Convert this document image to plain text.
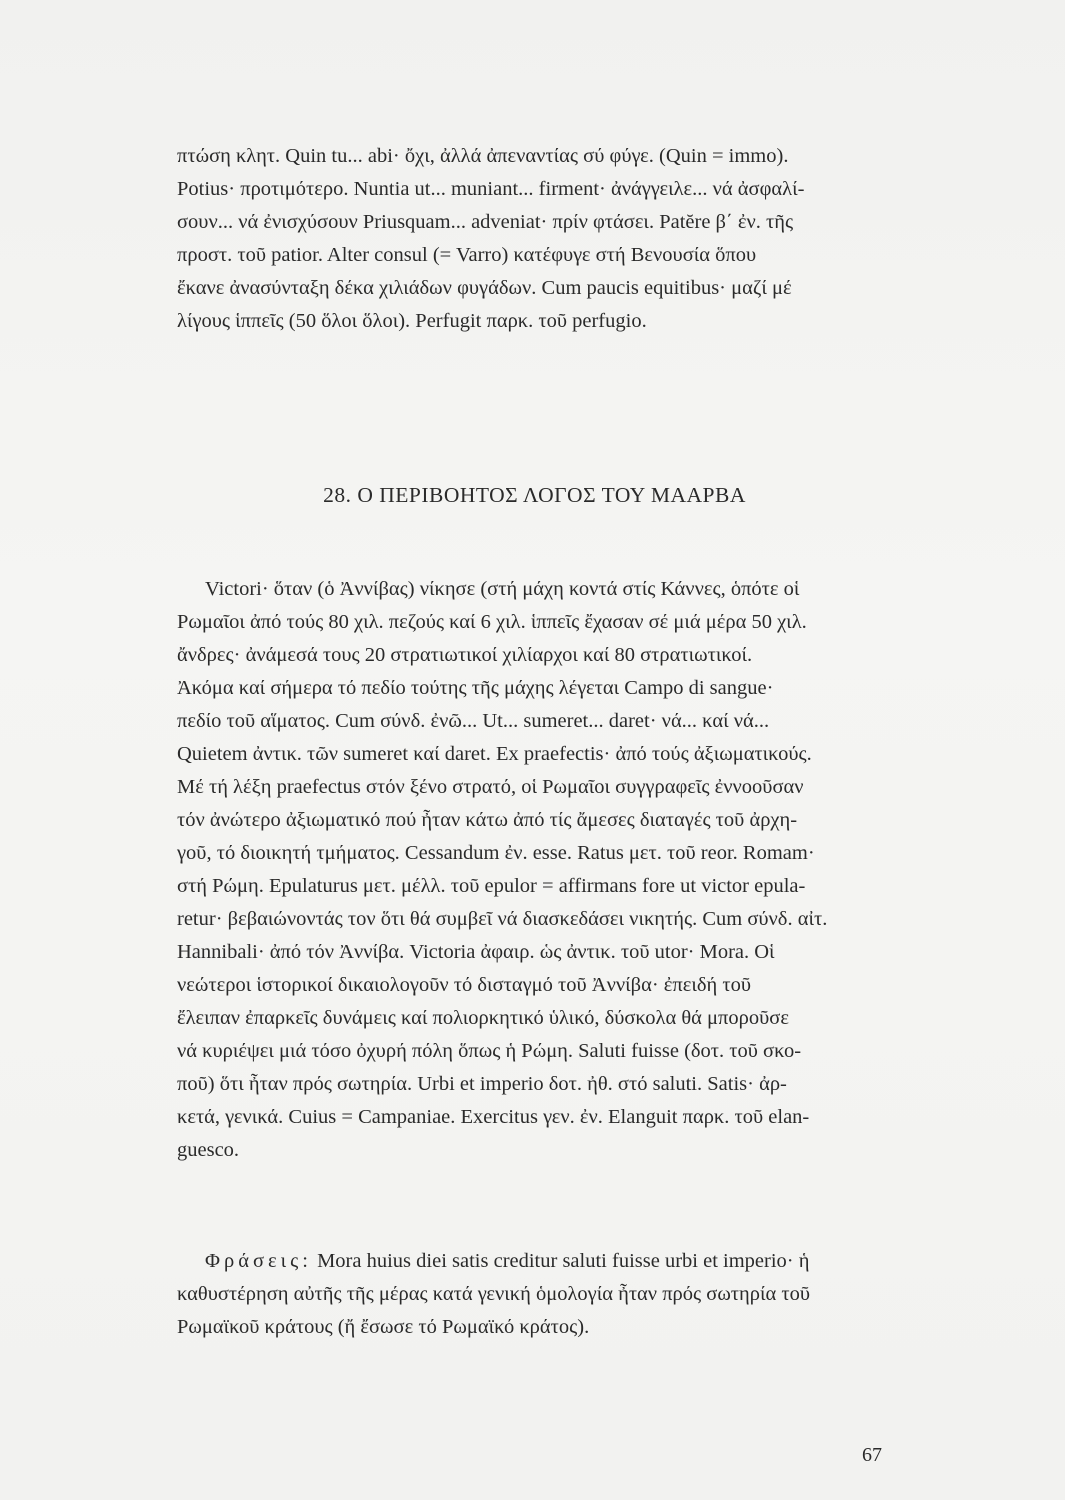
πτώση κλητ. Quin tu... abi· ὄχι, ἀλλά ἀπεναντίας σύ φύγε. (Quin = immo).
Potius· προτιμότερο. Nuntia ut... muniant... firment· ἀνάγγειλε... νά ἀσφαλί-
σουν... νά ἐνισχύσουν Priusquam... adveniat· πρίν φτάσει. Patĕre β΄ ἐν. τῆς
προστ. τοῦ patior. Alter consul (= Varro) κατέφυγε στή Βενουσία ὅπου
ἔκανε ἀνασύνταξη δέκα χιλιάδων φυγάδων. Cum paucis equitibus· μαζί μέ
λίγους ἱππεῖς (50 ὅλοι ὅλοι). Perfugit παρκ. τοῦ perfugio.
28. Ο ΠΕΡΙΒΟΗΤΟΣ ΛΟΓΟΣ ΤΟΥ ΜΑΑΡΒΑ
Victori· ὅταν (ὁ Ἀννίβας) νίκησε (στή μάχη κοντά στίς Κάννες, ὁπότε οἱ
Ρωμαῖοι ἀπό τούς 80 χιλ. πεζούς καί 6 χιλ. ἱππεῖς ἔχασαν σέ μιά μέρα 50 χιλ.
ἄνδρες· ἀνάμεσά τους 20 στρατιωτικοί χιλίαρχοι καί 80 στρατιωτικοί.
Ἀκόμα καί σήμερα τό πεδίο τούτης τῆς μάχης λέγεται Campo di sangue·
πεδίο τοῦ αἵματος. Cum σύνδ. ἐνῶ... Ut... sumeret... daret· νά... καί νά...
Quietem ἀντικ. τῶν sumeret καί daret. Ex praefectis· ἀπό τούς ἀξιωματικούς.
Μέ τή λέξη praefectus στόν ξένο στρατό, οἱ Ρωμαῖοι συγγραφεῖς ἐννοοῦσαν
τόν ἀνώτερο ἀξιωματικό πού ἦταν κάτω ἀπό τίς ἄμεσες διαταγές τοῦ ἀρχη-
γοῦ, τό διοικητή τμήματος. Cessandum ἐν. esse. Ratus μετ. τοῦ reor. Romam·
στή Ρώμη. Epulaturus μετ. μέλλ. τοῦ epulor = affirmans fore ut victor epula-
retur· βεβαιώνοντάς τον ὅτι θά συμβεῖ νά διασκεδάσει νικητής. Cum σύνδ. αἰτ.
Hannibali· ἀπό τόν Ἀννίβα. Victoria ἀφαιρ. ὡς ἀντικ. τοῦ utor· Mora. Οἱ
νεώτεροι ἱστορικοί δικαιολογοῦν τό δισταγμό τοῦ Ἀννίβα· ἐπειδή τοῦ
ἔλειπαν ἐπαρκεῖς δυνάμεις καί πολιορκητικό ὑλικό, δύσκολα θά μποροῦσε
νά κυριέψει μιά τόσο ὀχυρή πόλη ὅπως ἡ Ρώμη. Saluti fuisse (δοτ. τοῦ σκο-
ποῦ) ὅτι ἦταν πρός σωτηρία. Urbi et imperio δοτ. ἠθ. στό saluti. Satis· ἀρ-
κετά, γενικά. Cuius = Campaniae. Exercitus γεν. ἐν. Elanguit παρκ. τοῦ elan-
guesco.
Φράσεις: Mora huius diei satis creditur saluti fuisse urbi et imperio· ἡ
καθυστέρηση αὐτῆς τῆς μέρας κατά γενική ὁμολογία ἦταν πρός σωτηρία τοῦ
Ρωμαϊκοῦ κράτους (ἤ ἔσωσε τό Ρωμαϊκό κράτος).
67
